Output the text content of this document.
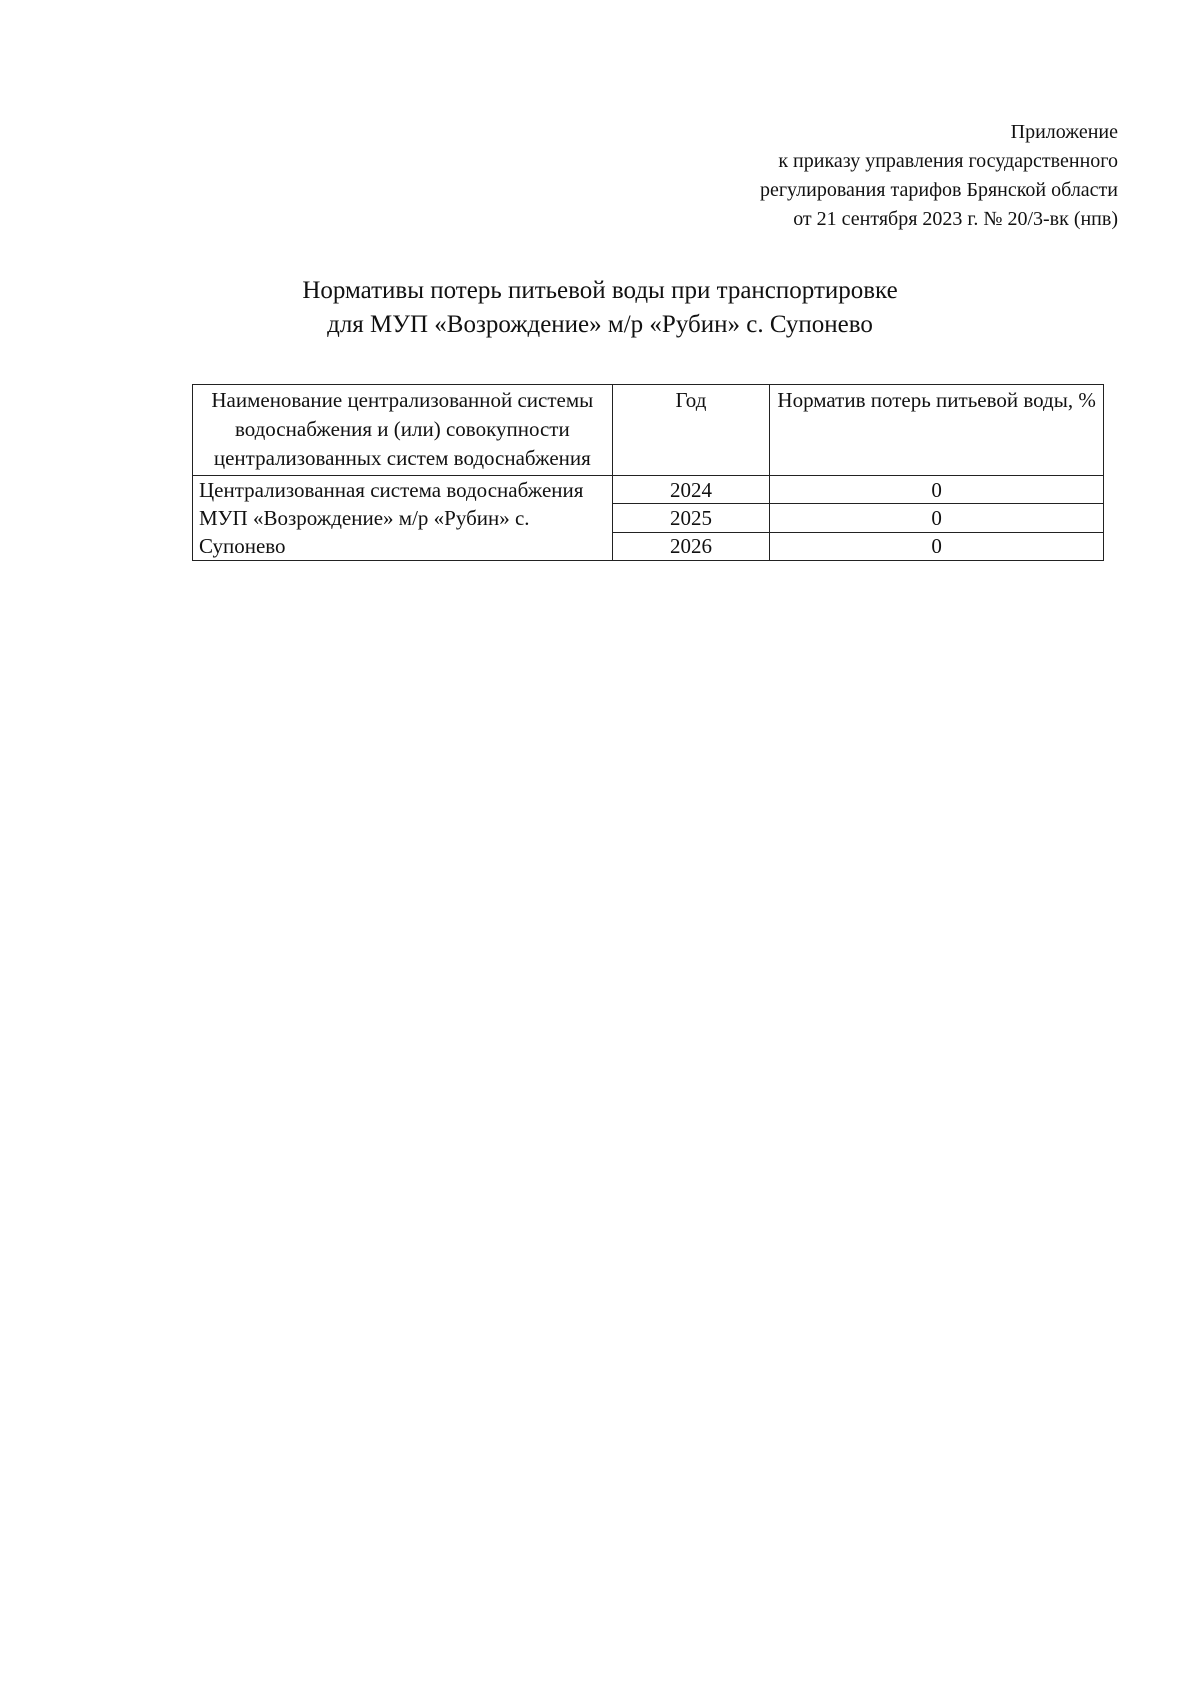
Приложение
к приказу управления государственного
регулирования тарифов Брянской области
от 21 сентября 2023 г. № 20/3-вк (нпв)
Нормативы потерь питьевой воды при транспортировке
для МУП «Возрождение» м/р «Рубин» с. Супонево
Наименование централизованной системы водоснабжения и (или) совокупности централизованных систем водоснабжения	Год	Норматив потерь питьевой воды, %
Централизованная система водоснабжения МУП «Возрождение» м/р «Рубин» с. Супонево	2024	0
	2025	0
	2026	0
